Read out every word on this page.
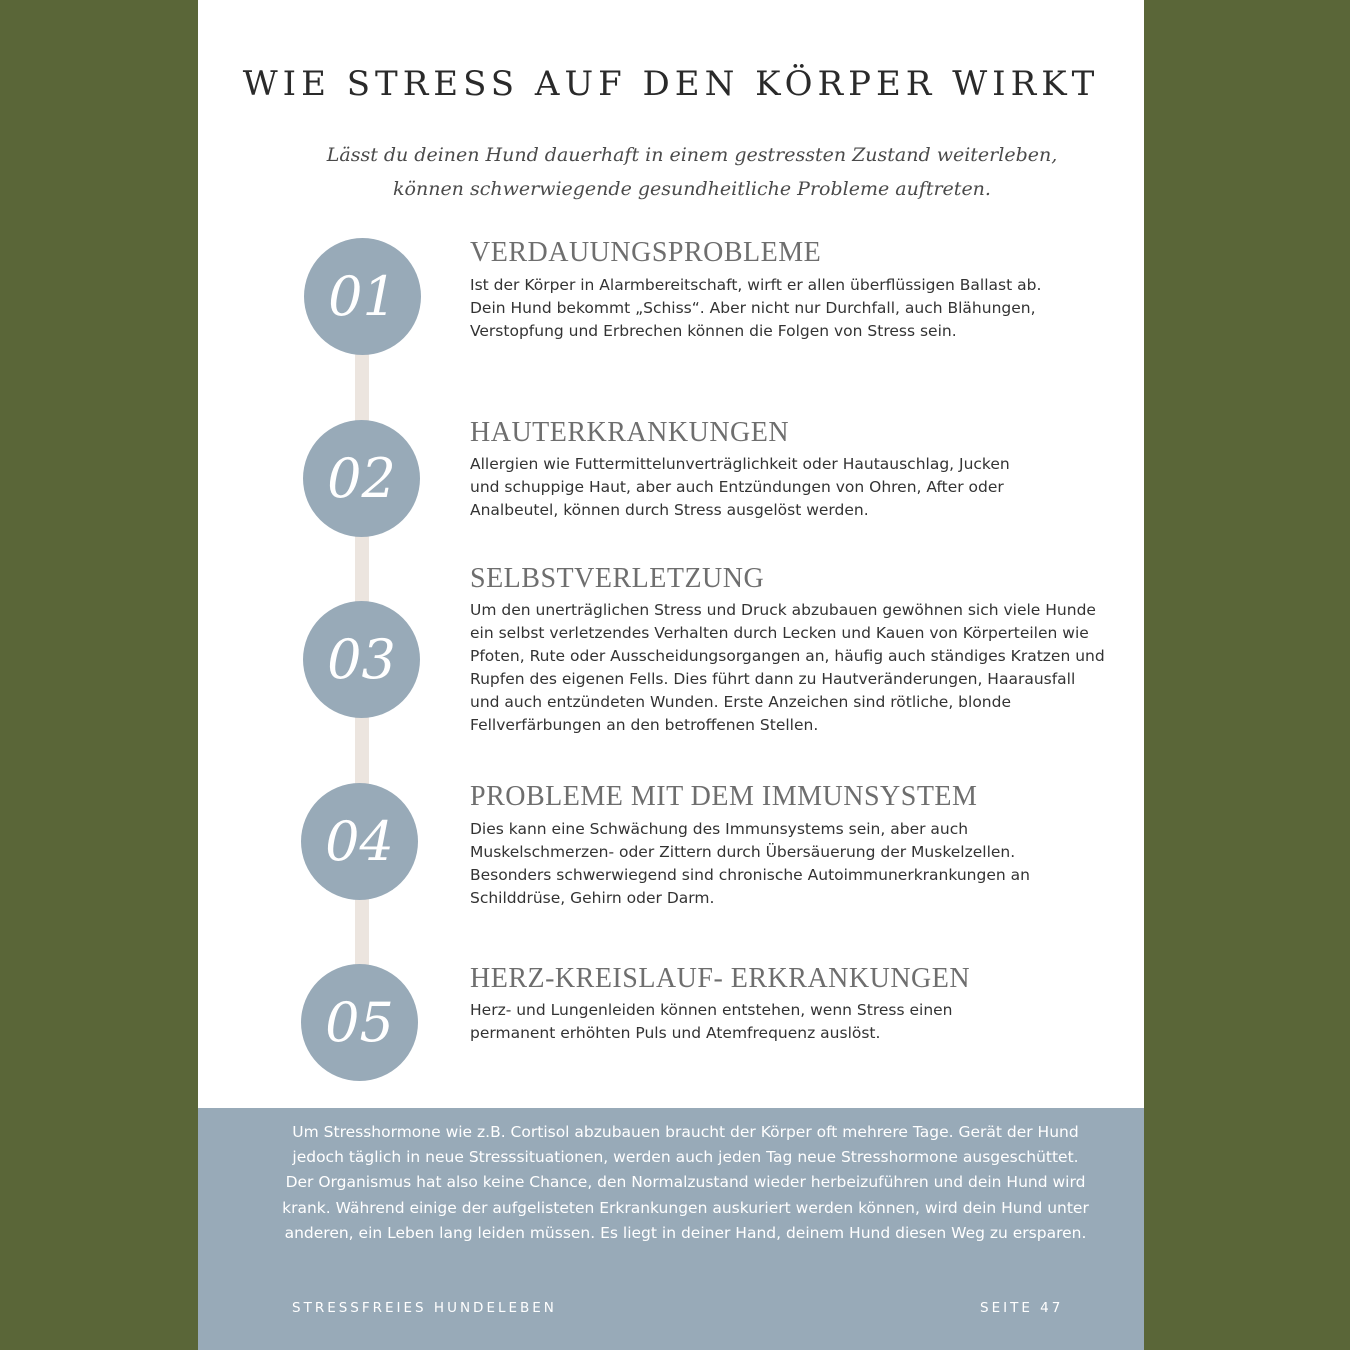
WIE STRESS AUF DEN KÖRPER WIRKT
Lässt du deinen Hund dauerhaft in einem gestressten Zustand weiterleben,
können schwerwiegende gesundheitliche Probleme auftreten.
01
VERDAUUNGSPROBLEME
Ist der Körper in Alarmbereitschaft, wirft er allen überflüssigen Ballast ab.
Dein Hund bekommt „Schiss“. Aber nicht nur Durchfall, auch Blähungen,
Verstopfung und Erbrechen können die Folgen von Stress sein.
02
HAUTERKRANKUNGEN
Allergien wie Futtermittelunverträglichkeit oder Hautauschlag, Jucken
und schuppige Haut, aber auch Entzündungen von Ohren, After oder
Analbeutel, können durch Stress ausgelöst werden.
03
SELBSTVERLETZUNG
Um den unerträglichen Stress und Druck abzubauen gewöhnen sich viele Hunde
ein selbst verletzendes Verhalten durch Lecken und Kauen von Körperteilen wie
Pfoten, Rute oder Ausscheidungsorgangen an, häufig auch ständiges Kratzen und
Rupfen des eigenen Fells. Dies führt dann zu Hautveränderungen, Haarausfall
und auch entzündeten Wunden. Erste Anzeichen sind rötliche, blonde
Fellverfärbungen an den betroffenen Stellen.
04
PROBLEME MIT DEM IMMUNSYSTEM
Dies kann eine Schwächung des Immunsystems sein, aber auch
Muskelschmerzen- oder Zittern durch Übersäuerung der Muskelzellen.
Besonders schwerwiegend sind chronische Autoimmunerkrankungen an
Schilddrüse, Gehirn oder Darm.
05
HERZ-KREISLAUF- ERKRANKUNGEN
Herz- und Lungenleiden können entstehen, wenn Stress einen
permanent erhöhten Puls und Atemfrequenz auslöst.
Um Stresshormone wie z.B. Cortisol abzubauen braucht der Körper oft mehrere Tage. Gerät der Hund
jedoch täglich in neue Stresssituationen, werden auch jeden Tag neue Stresshormone ausgeschüttet.
Der Organismus hat also keine Chance, den Normalzustand wieder herbeizuführen und dein Hund wird
krank. Während einige der aufgelisteten Erkrankungen auskuriert werden können, wird dein Hund unter
anderen, ein Leben lang leiden müssen. Es liegt in deiner Hand, deinem Hund diesen Weg zu ersparen.
STRESSFREIES HUNDELEBEN	SEITE 47
